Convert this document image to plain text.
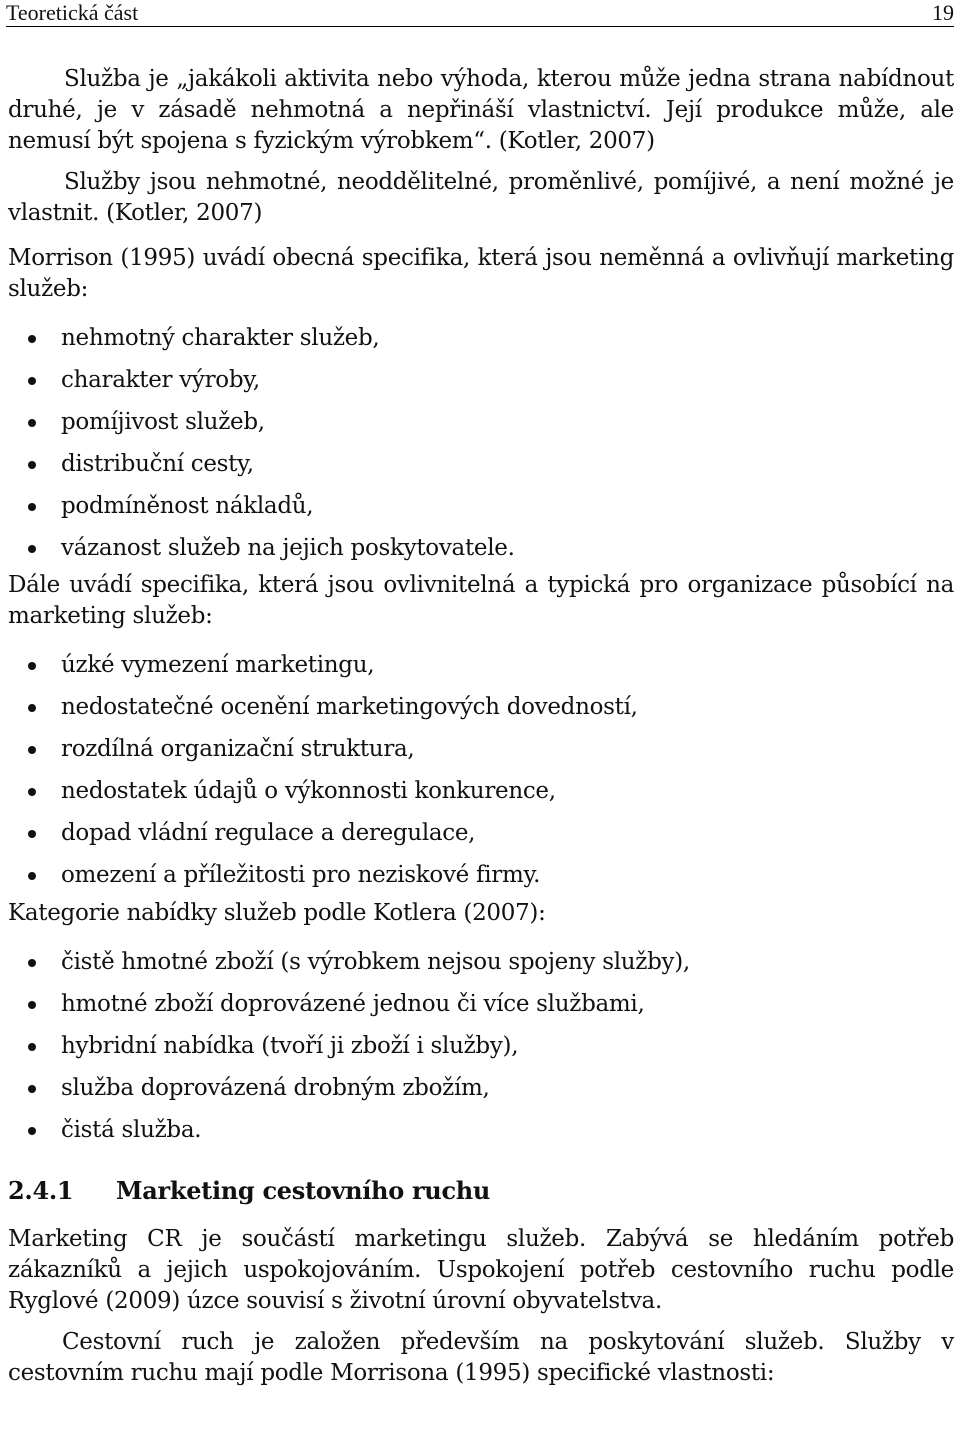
Teoretická část	19

Služba je „jakákoli aktivita nebo výhoda, kterou může jedna strana nabídnout druhé, je v zásadě nehmotná a nepřináší vlastnictví. Její produkce může, ale nemusí být spojena s fyzickým výrobkem“. (Kotler, 2007)

Služby jsou nehmotné, neoddělitelné, proměnlivé, pomíjivé, a není možné je vlastnit. (Kotler, 2007)

Morrison (1995) uvádí obecná specifika, která jsou neměnná a ovlivňují marketing služeb:

nehmotný charakter služeb,
charakter výroby,
pomíjivost služeb,
distribuční cesty,
podmíněnost nákladů,
vázanost služeb na jejich poskytovatele.

Dále uvádí specifika, která jsou ovlivnitelná a typická pro organizace působící na marketing služeb:

úzké vymezení marketingu,
nedostatečné ocenění marketingových dovedností,
rozdílná organizační struktura,
nedostatek údajů o výkonnosti konkurence,
dopad vládní regulace a deregulace,
omezení a příležitosti pro neziskové firmy.

Kategorie nabídky služeb podle Kotlera (2007):

čistě hmotné zboží (s výrobkem nejsou spojeny služby),
hmotné zboží doprovázené jednou či více službami,
hybridní nabídka (tvoří ji zboží i služby),
služba doprovázená drobným zbožím,
čistá služba.
2.4.1 Marketing cestovního ruchu

Marketing CR je součástí marketingu služeb. Zabývá se hledáním potřeb zákazníků a jejich uspokojováním. Uspokojení potřeb cestovního ruchu podle Ryglové (2009) úzce souvisí s životní úrovní obyvatelstva.

Cestovní ruch je založen především na poskytování služeb. Služby v cestovním ruchu mají podle Morrisona (1995) specifické vlastnosti:
